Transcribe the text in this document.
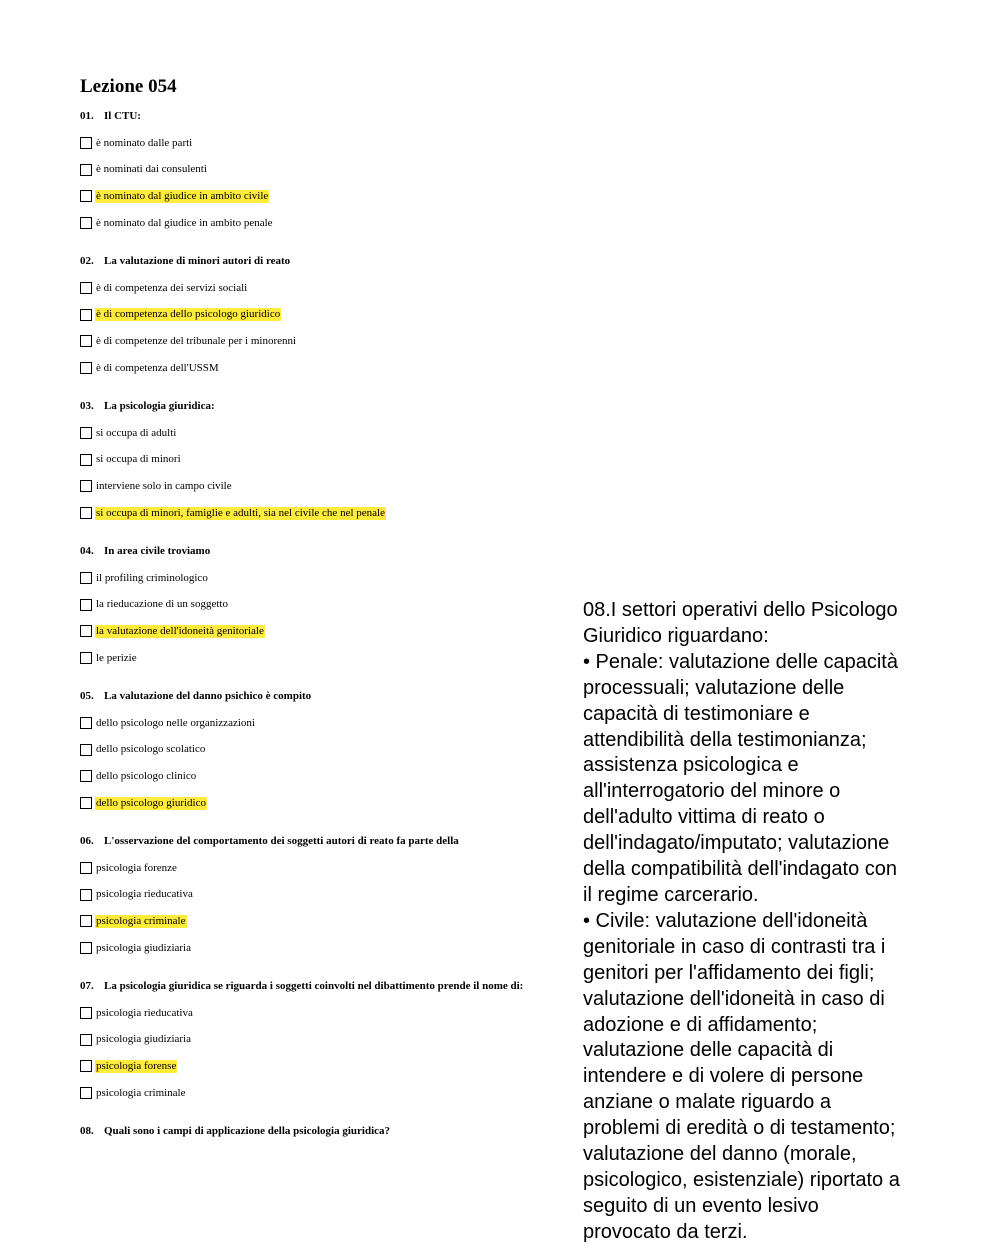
Lezione 054
01. Il CTU:
è nominato dalle parti
è nominati dai consulenti
è nominato dal giudice in ambito civile
è nominato dal giudice in ambito penale
02. La valutazione di minori autori di reato
è di competenza dei servizi sociali
è di competenza dello psicologo giuridico
è di competenze del tribunale per i minorenni
è di competenza dell'USSM
03. La psicologia giuridica:
si occupa di adulti
si occupa di minori
interviene solo in campo civile
si occupa di minori, famiglie e adulti, sia nel civile che nel penale
04. In area civile troviamo
il profiling criminologico
la rieducazione di un soggetto
la valutazione dell'idoneità genitoriale
le perizie
05. La valutazione del danno psichico è compito
dello psicologo nelle organizzazioni
dello psicologo scolatico
dello psicologo clinico
dello psicologo giuridico
06. L'osservazione del comportamento dei soggetti autori di reato fa parte della
psicologia forenze
psicologia rieducativa
psicologia criminale
psicologia giudiziaria
07. La psicologia giuridica se riguarda i soggetti coinvolti nel dibattimento prende il nome di:
psicologia rieducativa
psicologia giudiziaria
psicologia forense
psicologia criminale
08. Quali sono i campi di applicazione della psicologia giuridica?
08.I settori operativi dello Psicologo
Giuridico riguardano:
• Penale: valutazione delle capacità
processuali; valutazione delle
capacità di testimoniare e
attendibilità della testimonianza;
assistenza psicologica e
all'interrogatorio del minore o
dell'adulto vittima di reato o
dell'indagato/imputato; valutazione
della compatibilità dell'indagato con
il regime carcerario.
• Civile: valutazione dell'idoneità
genitoriale in caso di contrasti tra i
genitori per l'affidamento dei figli;
valutazione dell'idoneità in caso di
adozione e di affidamento;
valutazione delle capacità di
intendere e di volere di persone
anziane o malate riguardo a
problemi di eredità o di testamento;
valutazione del danno (morale,
psicologico, esistenziale) riportato a
seguito di un evento lesivo
provocato da terzi.
